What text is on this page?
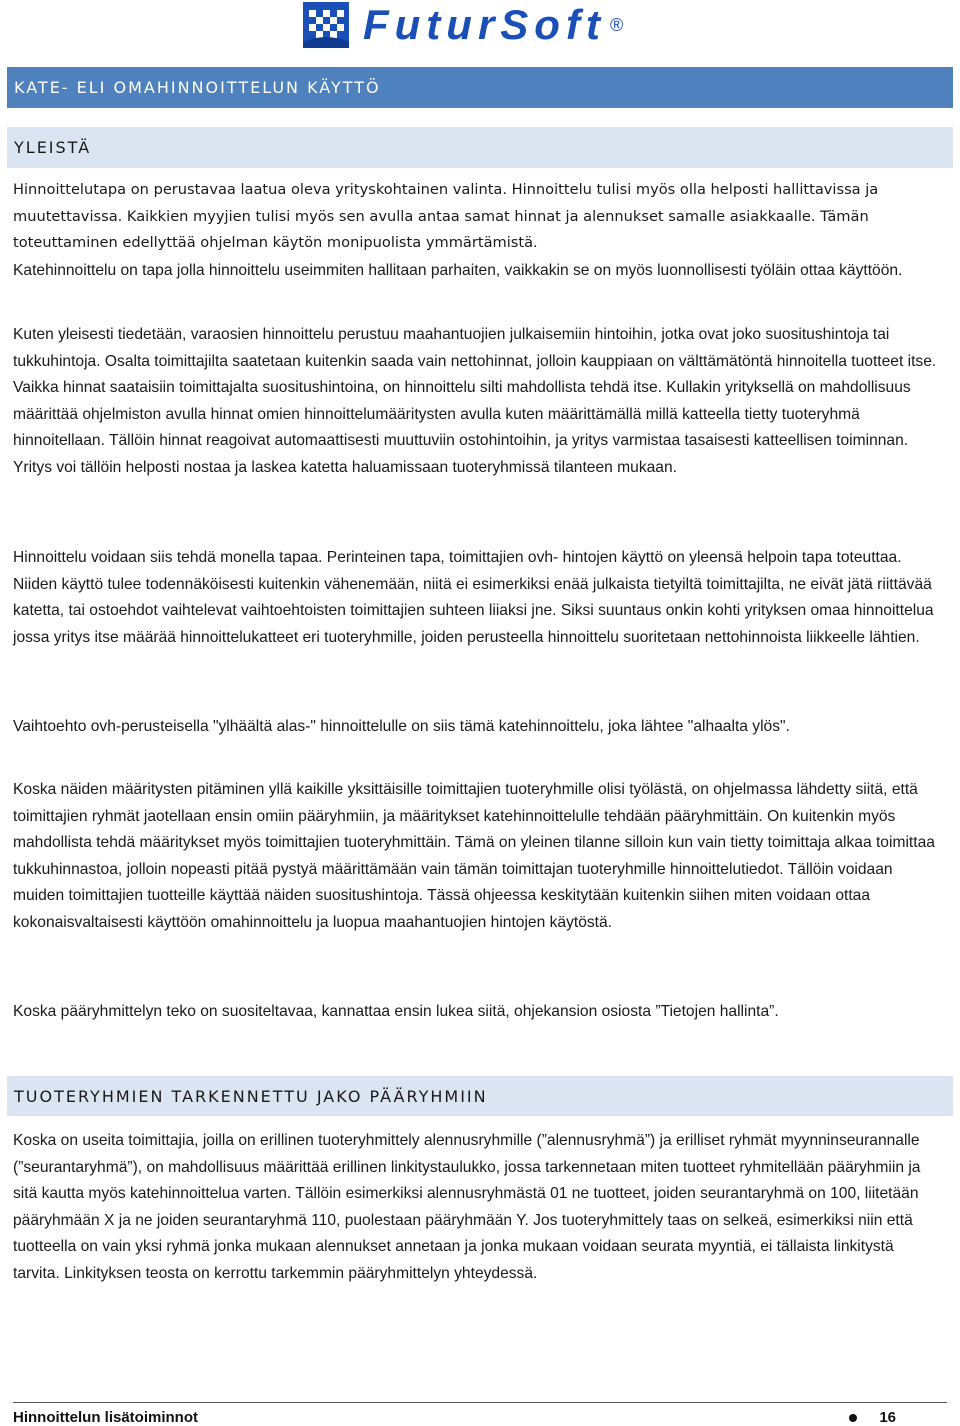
FuturSoft ®
KATE- ELI OMAHINNOITTELUN KÄYTTÖ
YLEISTÄ

Hinnoittelutapa on perustavaa laatua oleva yrityskohtainen valinta. Hinnoittelu tulisi myös olla helposti hallittavissa ja muutettavissa. Kaikkien myyjien tulisi myös sen avulla antaa samat hinnat ja alennukset samalle asiakkaalle. Tämän toteuttaminen edellyttää ohjelman käytön monipuolista ymmärtämistä.

Katehinnoittelu on tapa jolla hinnoittelu useimmiten hallitaan parhaiten, vaikkakin se on myös luonnollisesti työläin ottaa käyttöön.

Kuten yleisesti tiedetään, varaosien hinnoittelu perustuu maahantuojien julkaisemiin hintoihin, jotka ovat joko suositushintoja tai tukkuhintoja. Osalta toimittajilta saatetaan kuitenkin saada vain nettohinnat, jolloin kauppiaan on välttämätöntä hinnoitella tuotteet itse. Vaikka hinnat saataisiin toimittajalta suositushintoina, on hinnoittelu silti mahdollista tehdä itse. Kullakin yrityksellä on mahdollisuus määrittää ohjelmiston avulla hinnat omien hinnoittelumääritysten avulla kuten määrittämällä millä katteella tietty tuoteryhmä hinnoitellaan. Tällöin hinnat reagoivat automaattisesti muuttuviin ostohintoihin, ja yritys varmistaa tasaisesti katteellisen toiminnan. Yritys voi tällöin helposti nostaa ja laskea katetta haluamissaan tuoteryhmissä tilanteen mukaan.

Hinnoittelu voidaan siis tehdä monella tapaa. Perinteinen tapa, toimittajien ovh- hintojen käyttö on yleensä helpoin tapa toteuttaa. Niiden käyttö tulee todennäköisesti kuitenkin vähenemään, niitä ei esimerkiksi enää julkaista tietyiltä toimittajilta, ne eivät jätä riittävää katetta, tai ostoehdot vaihtelevat vaihtoehtoisten toimittajien suhteen liiaksi jne. Siksi suuntaus onkin kohti yrityksen omaa hinnoittelua jossa yritys itse määrää hinnoittelukatteet eri tuoteryhmille, joiden perusteella hinnoittelu suoritetaan nettohinnoista liikkeelle lähtien.

Vaihtoehto ovh-perusteisella "ylhäältä alas-" hinnoittelulle on siis tämä katehinnoittelu, joka lähtee "alhaalta ylös".

Koska näiden määritysten pitäminen yllä kaikille yksittäisille toimittajien tuoteryhmille olisi työlästä, on ohjelmassa lähdetty siitä, että toimittajien ryhmät jaotellaan ensin omiin pääryhmiin, ja määritykset katehinnoittelulle tehdään pääryhmittäin. On kuitenkin myös mahdollista tehdä määritykset myös toimittajien tuoteryhmittäin. Tämä on yleinen tilanne silloin kun vain tietty toimittaja alkaa toimittaa tukkuhinnastoa, jolloin nopeasti pitää pystyä määrittämään vain tämän toimittajan tuoteryhmille hinnoittelutiedot. Tällöin voidaan muiden toimittajien tuotteille käyttää näiden suositushintoja. Tässä ohjeessa keskitytään kuitenkin siihen miten voidaan ottaa kokonaisvaltaisesti käyttöön omahinnoittelu ja luopua maahantuojien hintojen käytöstä.

Koska pääryhmittelyn teko on suositeltavaa, kannattaa ensin lukea siitä, ohjekansion osiosta ”Tietojen hallinta”.

TUOTERYHMIEN TARKENNETTU JAKO PÄÄRYHMIIN

Koska on useita toimittajia, joilla on erillinen tuoteryhmittely alennusryhmille (”alennusryhmä”) ja erilliset ryhmät myynninseurannalle (”seurantaryhmä”), on mahdollisuus määrittää erillinen linkitystaulukko, jossa tarkennetaan miten tuotteet ryhmitellään pääryhmiin ja sitä kautta myös katehinnoittelua varten. Tällöin esimerkiksi alennusryhmästä 01 ne tuotteet, joiden seurantaryhmä on 100, liitetään pääryhmään X ja ne joiden seurantaryhmä 110, puolestaan pääryhmään Y. Jos tuoteryhmittely taas on selkeä, esimerkiksi niin että tuotteella on vain yksi ryhmä jonka mukaan alennukset annetaan ja jonka mukaan voidaan seurata myyntiä, ei tällaista linkitystä tarvita. Linkityksen teosta on kerrottu tarkemmin pääryhmittelyn yhteydessä.

Hinnoittelun lisätoiminnot	16
